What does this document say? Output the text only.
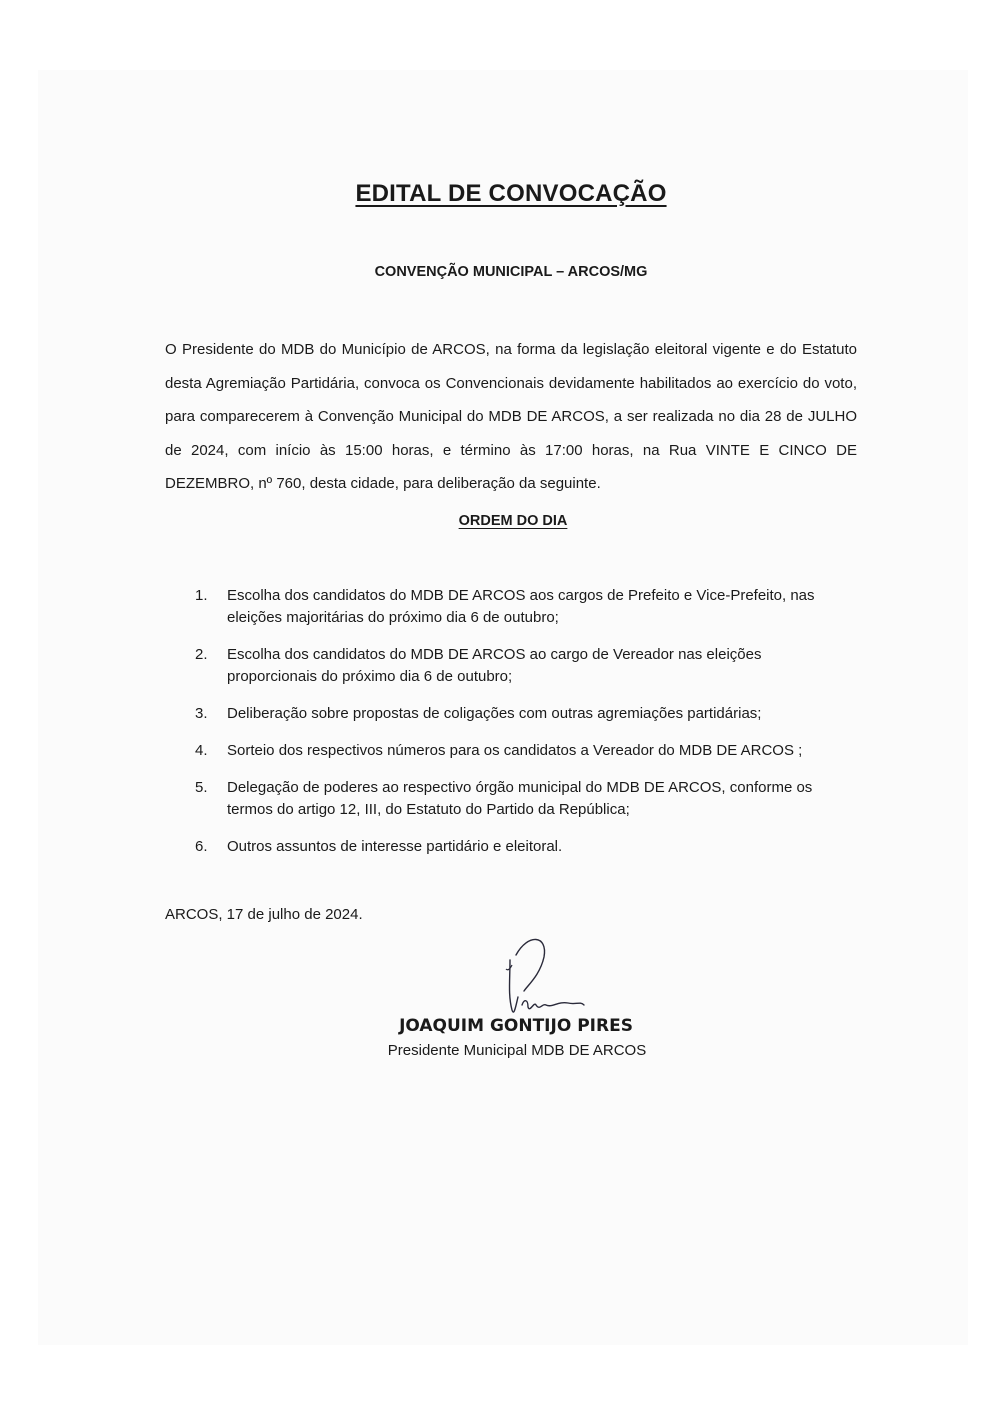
EDITAL DE CONVOCAÇÃO
CONVENÇÃO MUNICIPAL – ARCOS/MG

O Presidente do MDB do Município de ARCOS, na forma da legislação eleitoral vigente e do Estatuto desta Agremiação Partidária, convoca os Convencionais devidamente habilitados ao exercício do voto, para comparecerem à Convenção Municipal do MDB DE ARCOS, a ser realizada no dia 28 de JULHO de 2024, com início às 15:00 horas, e término às 17:00 horas, na Rua VINTE E CINCO DE DEZEMBRO, nº 760, desta cidade, para deliberação da seguinte.

ORDEM DO DIA
1. Escolha dos candidatos do MDB DE ARCOS aos cargos de Prefeito e Vice-Prefeito, nas eleições majoritárias do próximo dia 6 de outubro;
2. Escolha dos candidatos do MDB DE ARCOS ao cargo de Vereador nas eleições proporcionais do próximo dia 6 de outubro;
3. Deliberação sobre propostas de coligações com outras agremiações partidárias;
4. Sorteio dos respectivos números para os candidatos a Vereador do MDB DE ARCOS ;
5. Delegação de poderes ao respectivo órgão municipal do MDB DE ARCOS, conforme os termos do artigo 12, III, do Estatuto do Partido da República;
6. Outros assuntos de interesse partidário e eleitoral.
ARCOS, 17 de julho de 2024.
JOAQUIM GONTIJO PIRES
Presidente Municipal MDB DE ARCOS
